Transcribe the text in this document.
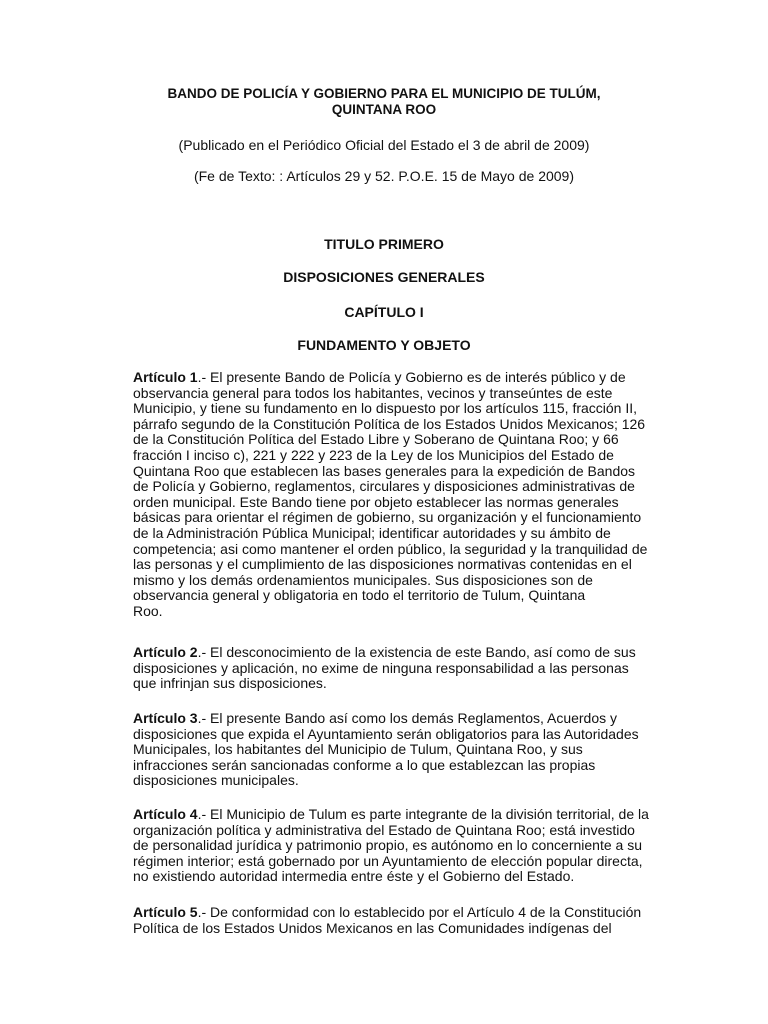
BANDO DE POLICÍA Y GOBIERNO PARA EL MUNICIPIO DE TULÚM,
QUINTANA ROO
(Publicado en el Periódico Oficial del Estado el 3 de abril de 2009)
(Fe de Texto: : Artículos 29 y 52. P.O.E. 15 de Mayo de 2009)
TITULO PRIMERO
DISPOSICIONES GENERALES
CAPÍTULO I
FUNDAMENTO Y OBJETO
Artículo 1.- El presente Bando de Policía y Gobierno es de interés público y de
observancia general para todos los habitantes, vecinos y transeúntes de este
Municipio, y tiene su fundamento en lo dispuesto por los artículos 115, fracción II,
párrafo segundo de la Constitución Política de los Estados Unidos Mexicanos; 126
de la Constitución Política del Estado Libre y Soberano de Quintana Roo; y 66
fracción I inciso c), 221 y 222 y 223 de la Ley de los Municipios del Estado de
Quintana Roo que establecen las bases generales para la expedición de Bandos
de Policía y Gobierno, reglamentos, circulares y disposiciones administrativas de
orden municipal. Este Bando tiene por objeto establecer las normas generales
básicas para orientar el régimen de gobierno, su organización y el funcionamiento
de la Administración Pública Municipal; identificar autoridades y su ámbito de
competencia; asi como mantener el orden público, la seguridad y la tranquilidad de
las personas y el cumplimiento de las disposiciones normativas contenidas en el
mismo y los demás ordenamientos municipales. Sus disposiciones son de
observancia general y obligatoria en todo el territorio de Tulum, Quintana
Roo.
Artículo 2.- El desconocimiento de la existencia de este Bando, así como de sus
disposiciones y aplicación, no exime de ninguna responsabilidad a las personas
que infrinjan sus disposiciones.
Artículo 3.- El presente Bando así como los demás Reglamentos, Acuerdos y
disposiciones que expida el Ayuntamiento serán obligatorios para las Autoridades
Municipales, los habitantes del Municipio de Tulum, Quintana Roo, y sus
infracciones serán sancionadas conforme a lo que establezcan las propias
disposiciones municipales.
Artículo 4.- El Municipio de Tulum es parte integrante de la división territorial, de la
organización política y administrativa del Estado de Quintana Roo; está investido
de personalidad jurídica y patrimonio propio, es autónomo en lo concerniente a su
régimen interior; está gobernado por un Ayuntamiento de elección popular directa,
no existiendo autoridad intermedia entre éste y el Gobierno del Estado.
Artículo 5.- De conformidad con lo establecido por el Artículo 4 de la Constitución
Política de los Estados Unidos Mexicanos en las Comunidades indígenas del
